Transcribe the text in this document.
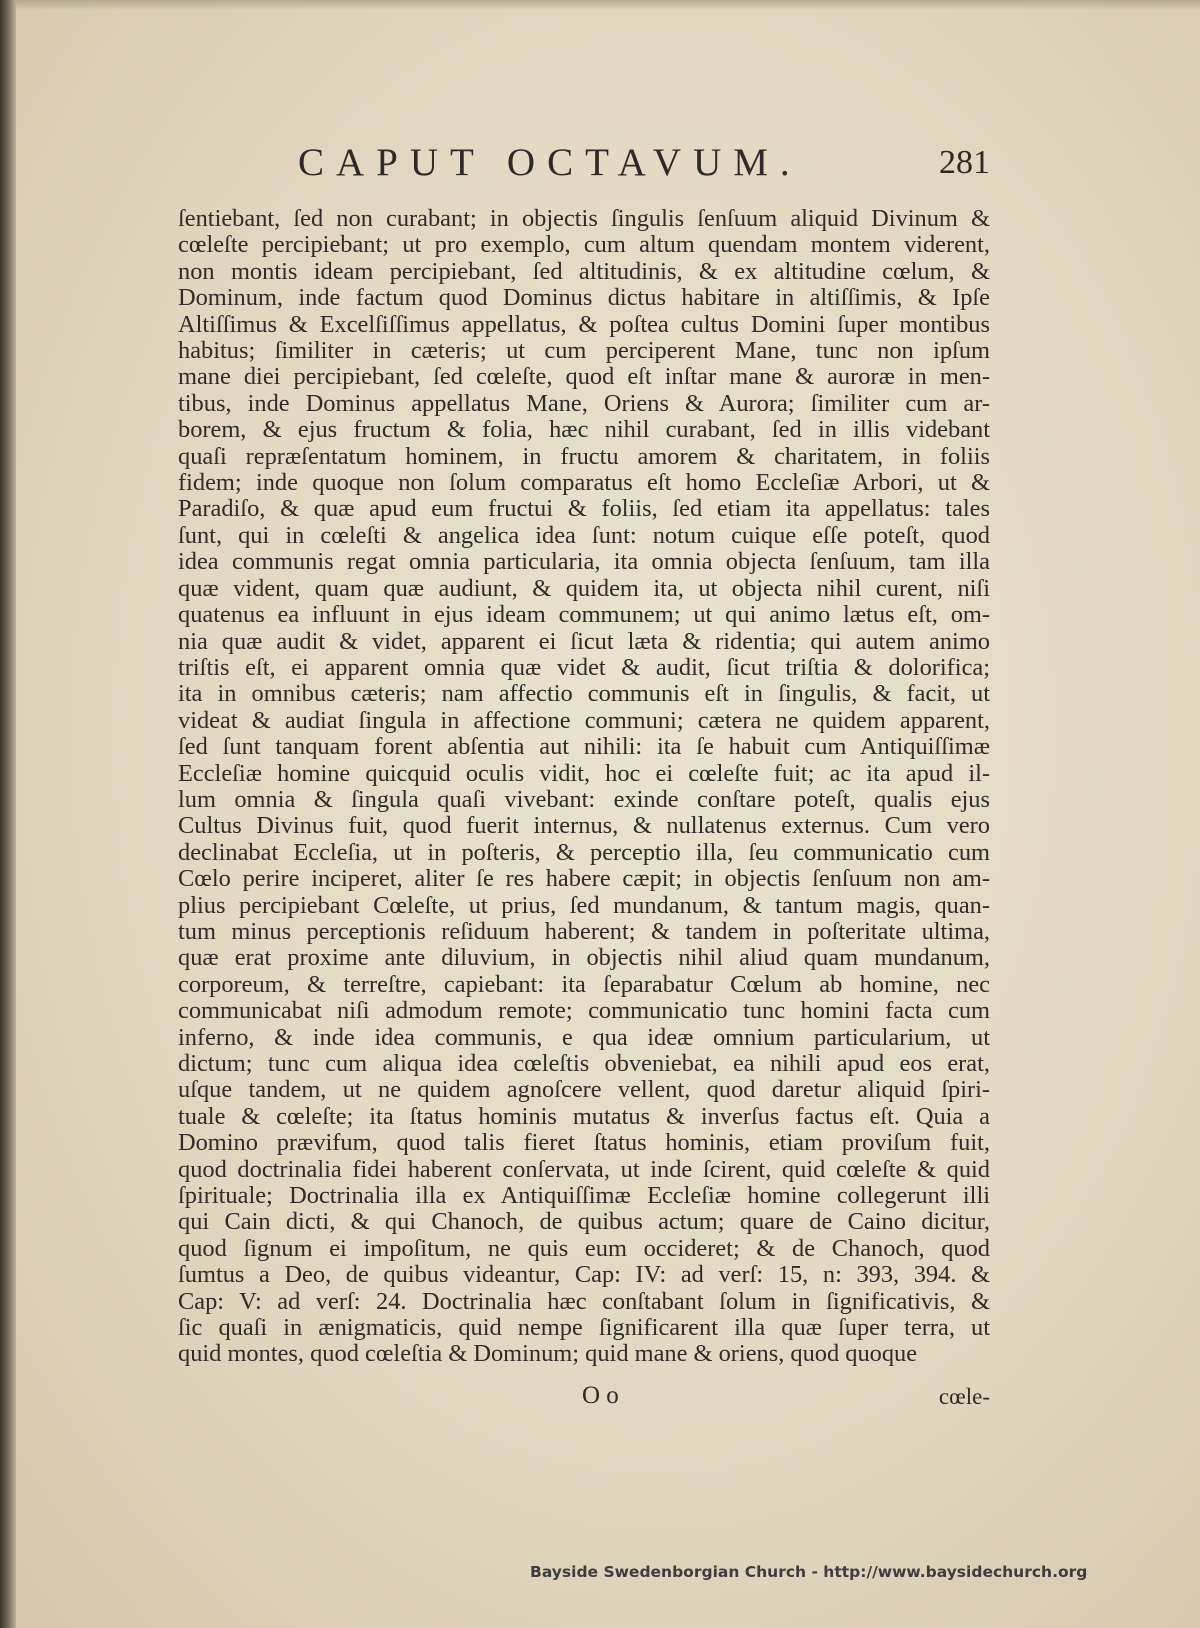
CAPUT OCTAVUM.	281
ſentiebant, ſed non curabant; in objectis ſingulis ſenſuum aliquid Divinum &
cœleſte percipiebant; ut pro exemplo, cum altum quendam montem viderent,
non montis ideam percipiebant, ſed altitudinis, & ex altitudine cœlum, &
Dominum, inde factum quod Dominus dictus habitare in altiſſimis, & Ipſe
Altiſſimus & Excelſiſſimus appellatus, & poſtea cultus Domini ſuper montibus
habitus; ſimiliter in cæteris; ut cum perciperent Mane, tunc non ipſum
mane diei percipiebant, ſed cœleſte, quod eſt inſtar mane & auroræ in men-
tibus, inde Dominus appellatus Mane, Oriens & Aurora; ſimiliter cum ar-
borem, & ejus fructum & folia, hæc nihil curabant, ſed in illis videbant
quaſi repræſentatum hominem, in fructu amorem & charitatem, in foliis
fidem; inde quoque non ſolum comparatus eſt homo Eccleſiæ Arbori, ut &
Paradiſo, & quæ apud eum fructui & foliis, ſed etiam ita appellatus: tales
ſunt, qui in cœleſti & angelica idea ſunt: notum cuique eſſe poteſt, quod
idea communis regat omnia particularia, ita omnia objecta ſenſuum, tam illa
quæ vident, quam quæ audiunt, & quidem ita, ut objecta nihil curent, niſi
quatenus ea influunt in ejus ideam communem; ut qui animo lætus eſt, om-
nia quæ audit & videt, apparent ei ſicut læta & ridentia; qui autem animo
triſtis eſt, ei apparent omnia quæ videt & audit, ſicut triſtia & dolorifica;
ita in omnibus cæteris; nam affectio communis eſt in ſingulis, & facit, ut
videat & audiat ſingula in affectione communi; cætera ne quidem apparent,
ſed ſunt tanquam forent abſentia aut nihili: ita ſe habuit cum Antiquiſſimæ
Eccleſiæ homine quicquid oculis vidit, hoc ei cœleſte fuit; ac ita apud il-
lum omnia & ſingula quaſi vivebant: exinde conſtare poteſt, qualis ejus
Cultus Divinus fuit, quod fuerit internus, & nullatenus externus. Cum vero
declinabat Eccleſia, ut in poſteris, & perceptio illa, ſeu communicatio cum
Cœlo perire inciperet, aliter ſe res habere cæpit; in objectis ſenſuum non am-
plius percipiebant Cœleſte, ut prius, ſed mundanum, & tantum magis, quan-
tum minus perceptionis reſiduum haberent; & tandem in poſteritate ultima,
quæ erat proxime ante diluvium, in objectis nihil aliud quam mundanum,
corporeum, & terreſtre, capiebant: ita ſeparabatur Cœlum ab homine, nec
communicabat niſi admodum remote; communicatio tunc homini facta cum
inferno, & inde idea communis, e qua ideæ omnium particularium, ut
dictum; tunc cum aliqua idea cœleſtis obveniebat, ea nihili apud eos erat,
uſque tandem, ut ne quidem agnoſcere vellent, quod daretur aliquid ſpiri-
tuale & cœleſte; ita ſtatus hominis mutatus & inverſus factus eſt. Quia a
Domino prævifum, quod talis fieret ſtatus hominis, etiam proviſum fuit,
quod doctrinalia fidei haberent conſervata, ut inde ſcirent, quid cœleſte & quid
ſpirituale; Doctrinalia illa ex Antiquiſſimæ Eccleſiæ homine collegerunt illi
qui Cain dicti, & qui Chanoch, de quibus actum; quare de Caino dicitur,
quod ſignum ei impoſitum, ne quis eum occideret; & de Chanoch, quod
ſumtus a Deo, de quibus videantur, Cap: IV: ad verſ: 15, n: 393, 394. &
Cap: V: ad verſ: 24. Doctrinalia hæc conſtabant ſolum in ſignificativis, &
ſic quaſi in ænigmaticis, quid nempe ſignificarent illa quæ ſuper terra, ut
quid montes, quod cœleſtia & Dominum; quid mane & oriens, quod quoque
O o	cœle-
Bayside Swedenborgian Church - http://www.baysidechurch.org
